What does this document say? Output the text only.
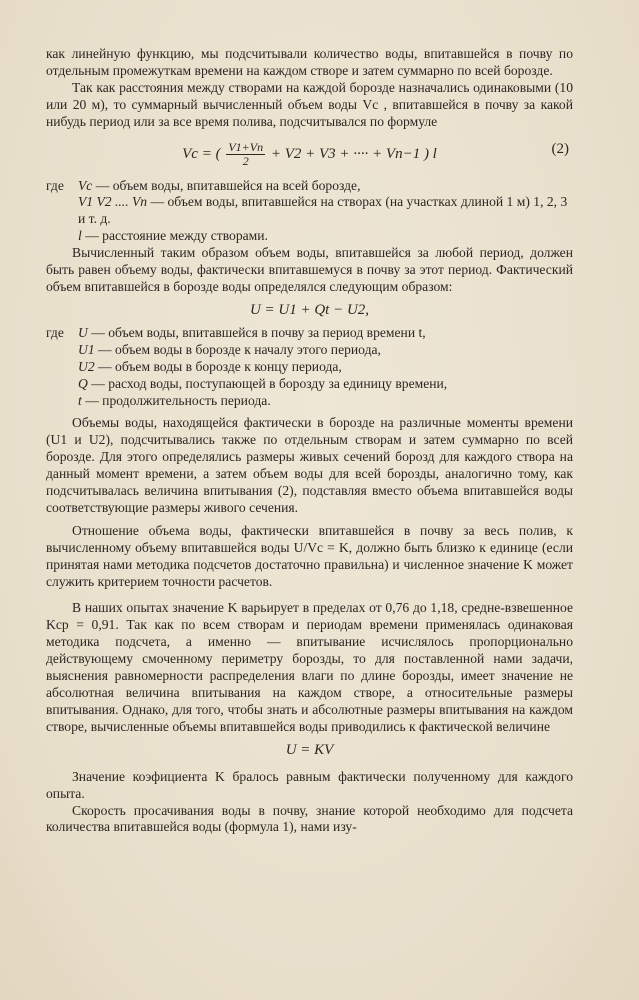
как линейную функцию, мы подсчитывали количество воды, впитавшейся в почву по отдельным промежуткам времени на каждом створе и затем суммарно по всей борозде.

Так как расстояния между створами на каждой борозде назначались одинаковыми (10 или 20 м), то суммарный вычисленный объем воды Vc , впитавшейся в почву за какой нибудь период или за все время полива, подсчитывался по формуле

Vc = ( $\frac{V1+Vn}{2} + V2 + V3$ + ···· + Vn−1 ) l	(2)
где	Vc — объем воды, впитавшейся на всей борозде,
V1 V2 .... Vn — объем воды, впитавшейся на створах (на участках длиной 1 м) 1, 2, 3 и т. д.
l — расстояние между створами.

Вычисленный таким образом объем воды, впитавшейся за любой период, должен быть равен объему воды, фактически впитавшемуся в почву за этот период. Фактический объем впитавшейся в борозде воды определялся следующим образом:

U = U1 + Qt − U2,
где	U — объем воды, впитавшейся в почву за период времени t,
U1 — объем воды в борозде к началу этого периода,
U2 — объем воды в борозде к концу периода,
Q — расход воды, поступающей в борозду за единицу времени,
t — продолжительность периода.

Объемы воды, находящейся фактически в борозде на различные моменты времени (U1 и U2), подсчитывались также по отдельным створам и затем суммарно по всей борозде. Для этого определялись размеры живых сечений борозд для каждого створа на данный момент времени, а затем объем воды для всей борозды, аналогично тому, как подсчитывалась величина впитывания (2), подставляя вместо объема впитавшейся воды соответствующие размеры живого сечения.

Отношение объема воды, фактически впитавшейся в почву за весь полив, к вычисленному объему впитавшейся воды U/Vc = K, должно быть близко к единице (если принятая нами методика подсчетов достаточно правильна) и численное значение K может служить критерием точности расчетов.

В наших опытах значение K варьирует в пределах от 0,76 до 1,18, средне-взвешенное Kср = 0,91. Так как по всем створам и периодам времени применялась одинаковая методика подсчета, а именно — впитывание исчислялось пропорционально действующему смоченному периметру борозды, то для поставленной нами задачи, выяснения равномерности распределения влаги по длине борозды, имеет значение не абсолютная величина впитывания на каждом створе, а относительные размеры впитывания. Однако, для того, чтобы знать и абсолютные размеры впитывания на каждом створе, вычисленные объемы впитавшейся воды приводились к фактической величине

U = KV

Значение коэфициента K бралось равным фактически полученному для каждого опыта.

Скорость просачивания воды в почву, знание которой необходимо для подсчета количества впитавшейся воды (формула 1), нами изу-
